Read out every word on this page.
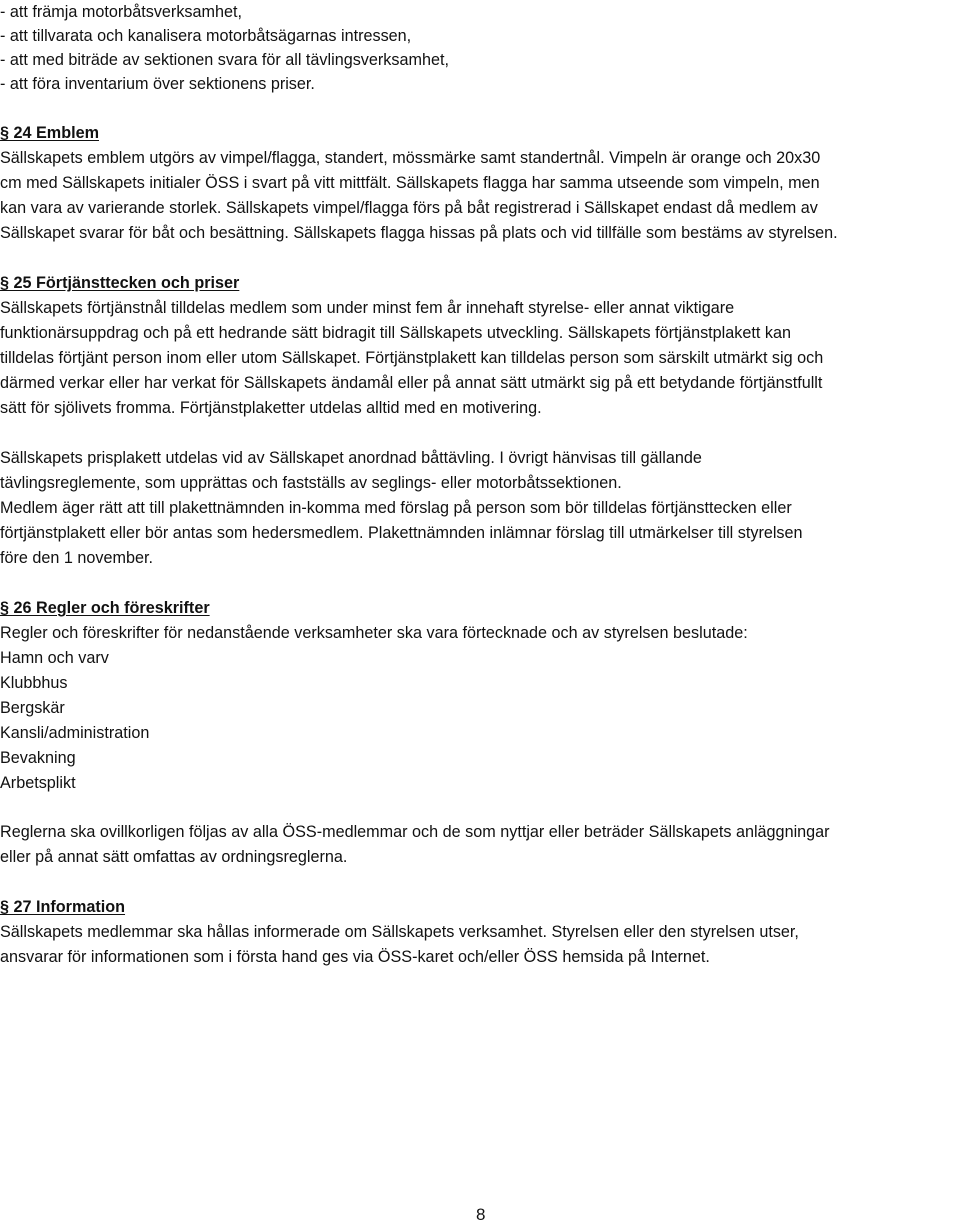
- att främja motorbåtsverksamhet,
- att tillvarata och kanalisera motorbåtsägarnas intressen,
- att med biträde av sektionen svara för all tävlingsverksamhet,
- att föra inventarium över sektionens priser.
§ 24 Emblem
Sällskapets emblem utgörs av vimpel/flagga, standert, mössmärke samt standertnål. Vimpeln är orange och 20x30
cm med Sällskapets initialer ÖSS i svart på vitt mittfält. Sällskapets flagga har samma utseende som vimpeln, men
kan vara av varierande storlek. Sällskapets vimpel/flagga förs på båt registrerad i Sällskapet endast då medlem av
Sällskapet svarar för båt och besättning. Sällskapets flagga hissas på plats och vid tillfälle som bestäms av styrelsen.
§ 25 Förtjänsttecken och priser
Sällskapets förtjänstnål tilldelas medlem som under minst fem år innehaft styrelse- eller annat viktigare
funktionärsuppdrag och på ett hedrande sätt bidragit till Sällskapets utveckling. Sällskapets förtjänstplakett kan
tilldelas förtjänt person inom eller utom Sällskapet. Förtjänstplakett kan tilldelas person som särskilt utmärkt sig och
därmed verkar eller har verkat för Sällskapets ändamål eller på annat sätt utmärkt sig på ett betydande förtjänstfullt
sätt för sjölivets fromma. Förtjänstplaketter utdelas alltid med en motivering.
Sällskapets prisplakett utdelas vid av Sällskapet anordnad båttävling. I övrigt hänvisas till gällande
tävlingsreglemente, som upprättas och fastställs av seglings- eller motorbåtssektionen.
Medlem äger rätt att till plakettnämnden in-komma med förslag på person som bör tilldelas förtjänsttecken eller
förtjänstplakett eller bör antas som hedersmedlem. Plakettnämnden inlämnar förslag till utmärkelser till styrelsen
före den 1 november.
§ 26 Regler och föreskrifter
Regler och föreskrifter för nedanstående verksamheter ska vara förtecknade och av styrelsen beslutade:
Hamn och varv
Klubbhus
Bergskär
Kansli/administration
Bevakning
Arbetsplikt
Reglerna ska ovillkorligen följas av alla ÖSS-medlemmar och de som nyttjar eller beträder Sällskapets anläggningar
eller på annat sätt omfattas av ordningsreglerna.
§ 27 Information
Sällskapets medlemmar ska hållas informerade om Sällskapets verksamhet. Styrelsen eller den styrelsen utser,
ansvarar för informationen som i första hand ges via ÖSS-karet och/eller ÖSS hemsida på Internet.
8
